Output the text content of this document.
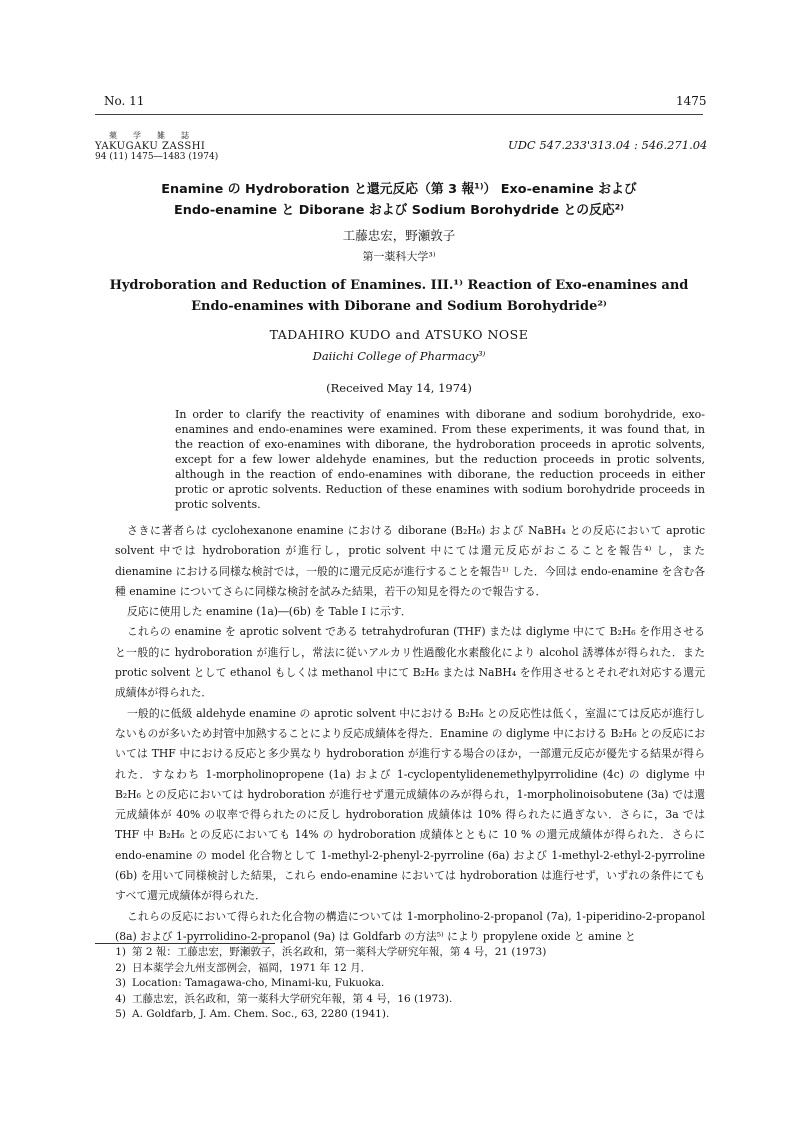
No. 11	1475
薬学雑誌
YAKUGAKU ZASSHI
94 (11) 1475―1483 (1974)
UDC 547.233'313.04 : 546.271.04
Enamine の Hydroboration と還元反応（第 3 報¹⁾） Exo-enamine および
Endo-enamine と Diborane および Sodium Borohydride との反応²⁾
工藤忠宏，野瀬敦子
第一薬科大学³⁾
Hydroboration and Reduction of Enamines. III.¹⁾ Reaction of Exo-enamines and
Endo-enamines with Diborane and Sodium Borohydride²⁾
TADAHIRO KUDO and ATSUKO NOSE
Daiichi College of Pharmacy³⁾
(Received May 14, 1974)

In order to clarify the reactivity of enamines with diborane and sodium borohydride, exo-enamines and endo-enamines were examined. From these experiments, it was found that, in the reaction of exo-enamines with diborane, the hydroboration proceeds in aprotic solvents, except for a few lower aldehyde enamines, but the reduction proceeds in protic solvents, although in the reaction of endo-enamines with diborane, the reduction proceeds in either protic or aprotic solvents. Reduction of these enamines with sodium borohydride proceeds in protic solvents.

さきに著者らは cyclohexanone enamine における diborane (B₂H₆) および NaBH₄ との反応において aprotic solvent 中では hydroboration が進行し，protic solvent 中にては還元反応がおこることを報告⁴⁾ し，また dienamine における同様な検討では，一般的に還元反応が進行することを報告¹⁾ した．今回は endo-enamine を含む各種 enamine についてさらに同様な検討を試みた結果，若干の知見を得たので報告する．

反応に使用した enamine (1a)―(6b) を Table I に示す．

これらの enamine を aprotic solvent である tetrahydrofuran (THF) または diglyme 中にて B₂H₆ を作用させると一般的に hydroboration が進行し，常法に従いアルカリ性過酸化水素酸化により alcohol 誘導体が得られた．また protic solvent として ethanol もしくは methanol 中にて B₂H₆ または NaBH₄ を作用させるとそれぞれ対応する還元成績体が得られた．

一般的に低級 aldehyde enamine の aprotic solvent 中における B₂H₆ との反応性は低く，室温にては反応が進行しないものが多いため封管中加熱することにより反応成績体を得た．Enamine の diglyme 中における B₂H₆ との反応においては THF 中における反応と多少異なり hydroboration が進行する場合のほか，一部還元反応が優先する結果が得られた．すなわち 1-morpholinopropene (1a) および 1-cyclopentylidenemethylpyrrolidine (4c) の diglyme 中 B₂H₆ との反応においては hydroboration が進行せず還元成績体のみが得られ，1-morpholinoisobutene (3a) では還元成績体が 40% の収率で得られたのに反し hydroboration 成績体は 10% 得られたに過ぎない．さらに，3a では THF 中 B₂H₆ との反応においても 14% の hydroboration 成績体とともに 10 % の還元成績体が得られた．さらに endo-enamine の model 化合物として 1-methyl-2-phenyl-2-pyrroline (6a) および 1-methyl-2-ethyl-2-pyrroline (6b) を用いて同様検討した結果，これら endo-enamine においては hydroboration は進行せず，いずれの条件にてもすべて還元成績体が得られた．

これらの反応において得られた化合物の構造については 1-morpholino-2-propanol (7a), 1-piperidino-2-propanol (8a) および 1-pyrrolidino-2-propanol (9a) は Goldfarb の方法⁵⁾ により propylene oxide と amine と

1) 第 2 報：工藤忠宏，野瀬敦子，浜名政和，第一薬科大学研究年報，第 4 号，21 (1973)
2) 日本薬学会九州支部例会，福岡，1971 年 12 月．
3) Location: Tamagawa-cho, Minami-ku, Fukuoka.
4) 工藤忠宏，浜名政和，第一薬科大学研究年報，第 4 号，16 (1973).
5) A. Goldfarb, J. Am. Chem. Soc., 63, 2280 (1941).
